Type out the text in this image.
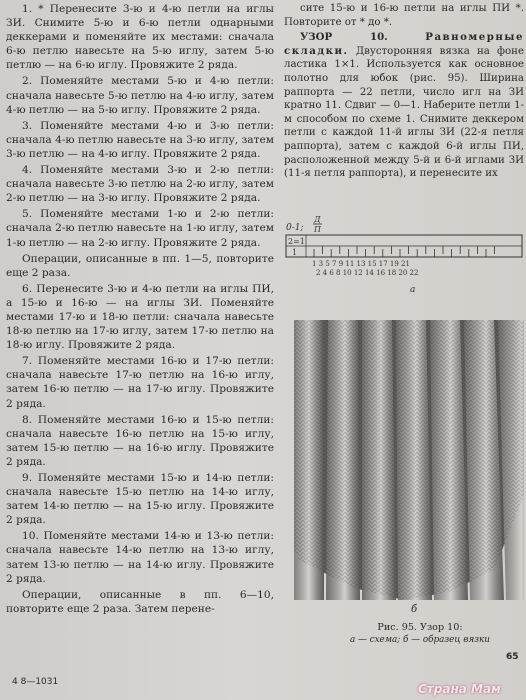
1. * Перенесите 3-ю и 4-ю петли на иглы ЗИ. Снимите 5-ю и 6-ю петли однарными деккерами и поменяйте их местами: сначала 6-ю петлю навесьте на 5-ю иглу, затем 5-ю петлю — на 6-ю иглу. Провяжите 2 ряда.

2. Поменяйте местами 5-ю и 4-ю петли: сначала навесьте 5-ю петлю на 4-ю иглу, затем 4-ю петлю — на 5-ю иглу. Провяжите 2 ряда.

3. Поменяйте местами 4-ю и 3-ю петли: сначала 4-ю петлю навесьте на 3-ю иглу, затем 3-ю петлю — на 4-ю иглу. Провяжите 2 ряда.

4. Поменяйте местами 3-ю и 2-ю петли: сначала навесьте 3-ю петлю на 2-ю иглу, затем 2-ю петлю — на 3-ю иглу. Провяжите 2 ряда.

5. Поменяйте местами 1-ю и 2-ю петли: сначала 2-ю петлю навесьте на 1-ю иглу, затем 1-ю петлю — на 2-ю иглу. Провяжите 2 ряда.

Операции, описанные в пп. 1—5, повторите еще 2 раза.

6. Перенесите 3-ю и 4-ю петли на иглы ПИ, а 15-ю и 16-ю — на иглы ЗИ. Поменяйте местами 17-ю и 18-ю петли: сначала навесьте 18-ю петлю на 17-ю иглу, затем 17-ю петлю на 18-ю иглу. Провяжите 2 ряда.

7. Поменяйте местами 16-ю и 17-ю петли: сначала навесьте 17-ю петлю на 16-ю иглу, затем 16-ю петлю — на 17-ю иглу. Провяжите 2 ряда.

8. Поменяйте местами 16-ю и 15-ю петли: сначала навесьте 16-ю петлю на 15-ю иглу, затем 15-ю петлю — на 16-ю иглу. Провяжите 2 ряда.

9. Поменяйте местами 15-ю и 14-ю петли: сначала навесьте 15-ю петлю на 14-ю иглу, затем 14-ю петлю — на 15-ю иглу. Провяжите 2 ряда.

10. Поменяйте местами 14-ю и 13-ю петли: сначала навесьте 14-ю петлю на 13-ю иглу, затем 13-ю петлю — на 14-ю иглу. Провяжите 2 ряда.

Операции, описанные в пп. 6—10, повторите еще 2 раза. Затем перене-

сите 15-ю и 16-ю петли на иглы ПИ *. Повторите от * до *.

УЗОР 10.	Равномерные складки. Двусторонняя вязка на фоне ластика 1×1. Используется как основное полотно для юбок (рис. 95). Ширина раппорта — 22 петли, число игл на ЗИ кратно 11. Сдвиг — 0—1. Наберите петли 1-м способом по схеме 1. Снимите деккером петли с каждой 11-й иглы ЗИ (22-я петля раппорта), затем с каждой 6-й иглы ПИ, расположенной между 5-й и 6-й иглами ЗИ (11-я петля раппорта), и перенесите их

0-1;
Д
П
2=1
1
1 3 5 7 9 11 13 15 17 19 21
2 4 6 8 10 12 14 16 18 20 22
а
б
Рис. 95. Узор 10:
а — схема; б — образец вязки
65
4 8—1031	Страна Мам
